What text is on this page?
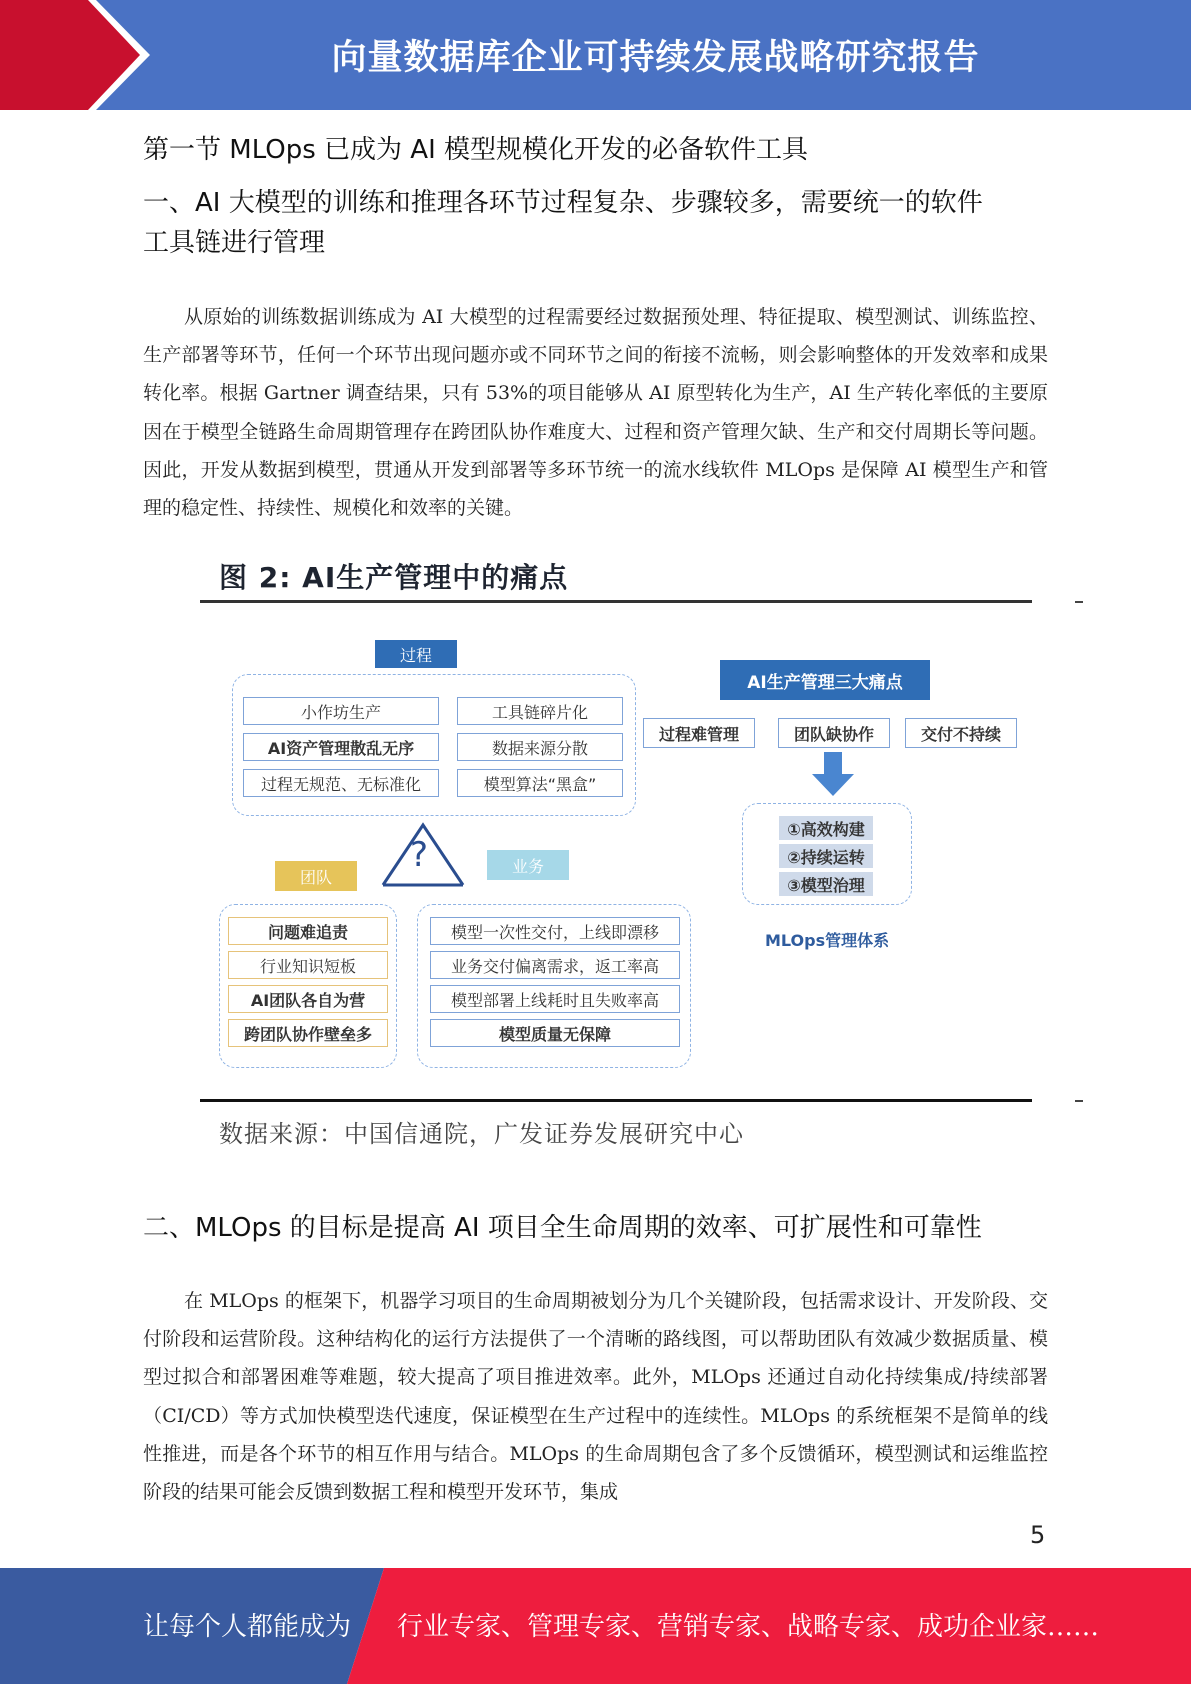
向量数据库企业可持续发展战略研究报告
第一节 MLOps 已成为 AI 模型规模化开发的必备软件工具
一、AI 大模型的训练和推理各环节过程复杂、步骤较多，需要统一的软件
工具链进行管理
从原始的训练数据训练成为 AI 大模型的过程需要经过数据预处理、特征提取、模型测试、训练监控、生产部署等环节，任何一个环节出现问题亦或不同环节之间的衔接不流畅，则会影响整体的开发效率和成果转化率。根据 Gartner 调查结果，只有 53%的项目能够从 AI 原型转化为生产，AI 生产转化率低的主要原因在于模型全链路生命周期管理存在跨团队协作难度大、过程和资产管理欠缺、生产和交付周期长等问题。因此，开发从数据到模型，贯通从开发到部署等多环节统一的流水线软件 MLOps 是保障 AI 模型生产和管理的稳定性、持续性、规模化和效率的关键。
图 2: AI生产管理中的痛点
过程
小作坊生产	工具链碎片化
AI资产管理散乱无序	数据来源分散
过程无规范、无标准化	模型算法“黑盒”
?
团队
业务
问题难追责
行业知识短板
AI团队各自为营
跨团队协作壁垒多
模型一次性交付，上线即漂移
业务交付偏离需求，返工率高
模型部署上线耗时且失败率高
模型质量无保障
AI生产管理三大痛点
过程难管理	团队缺协作	交付不持续
①高效构建
②持续运转
③模型治理
MLOps管理体系
数据来源：中国信通院，广发证券发展研究中心
二、MLOps 的目标是提高 AI 项目全生命周期的效率、可扩展性和可靠性
在 MLOps 的框架下，机器学习项目的生命周期被划分为几个关键阶段，包括需求设计、开发阶段、交付阶段和运营阶段。这种结构化的运行方法提供了一个清晰的路线图，可以帮助团队有效减少数据质量、模型过拟合和部署困难等难题，较大提高了项目推进效率。此外，MLOps 还通过自动化持续集成/持续部署（CI/CD）等方式加快模型迭代速度，保证模型在生产过程中的连续性。MLOps 的系统框架不是简单的线性推进，而是各个环节的相互作用与结合。MLOps 的生命周期包含了多个反馈循环，模型测试和运维监控阶段的结果可能会反馈到数据工程和模型开发环节，集成
5
让每个人都能成为 行业专家、管理专家、营销专家、战略专家、成功企业家……
